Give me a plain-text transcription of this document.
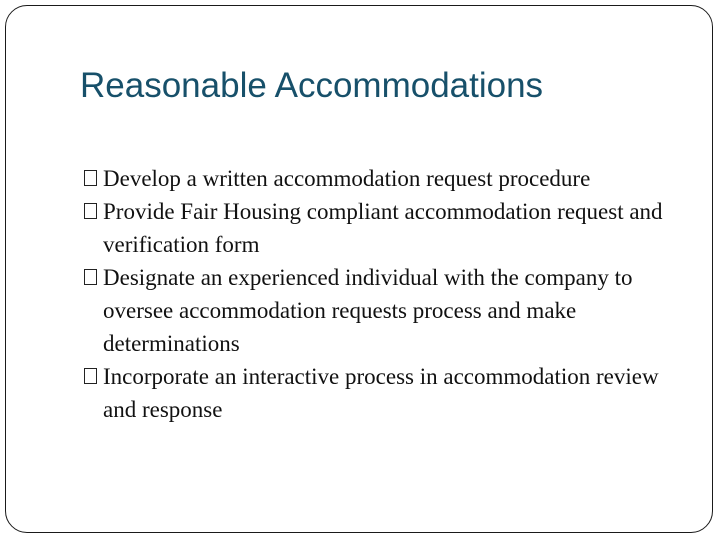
Reasonable Accommodations
Develop a written accommodation request procedure
Provide Fair Housing compliant accommodation request and verification form
Designate an experienced individual with the company to oversee accommodation requests process and make determinations
Incorporate an interactive process in accommodation review and response
